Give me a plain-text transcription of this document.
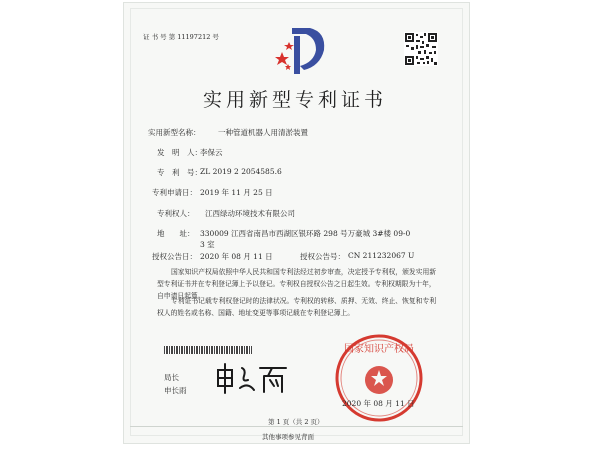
证 书 号 第 11197212 号
实用新型专利证书
实用新型名称： 一种管道机器人用清淤装置
发　明　人：
李保云
专　利　号：
ZL 2019 2 2054585.6
专利申请日： 2019 年 11 月 25 日
专利权人： 江西绿动环境技术有限公司
地　　址： 330009 江西省南昌市西湖区银环路 298 号万豪城 3#楼 09-0
3 室
授权公告日： 2020 年 08 月 11 日	授权公告号： CN 211232067 U
国家知识产权局依照中华人民共和国专利法经过初步审查，决定授予专利权，颁发实用新型专利证书并在专利登记簿上予以登记。专利权自授权公告之日起生效。专利权期限为十年，自申请日起算。
专利证书记载专利权登记时的法律状况。专利权的转移、质押、无效、终止、恢复和专利权人的姓名或名称、国籍、地址变更等事项记载在专利登记簿上。
局长
申长雨
国家知识产权局
2020 年 08 月 11 日
第 1 页（共 2 页）
其他事项参见背面
